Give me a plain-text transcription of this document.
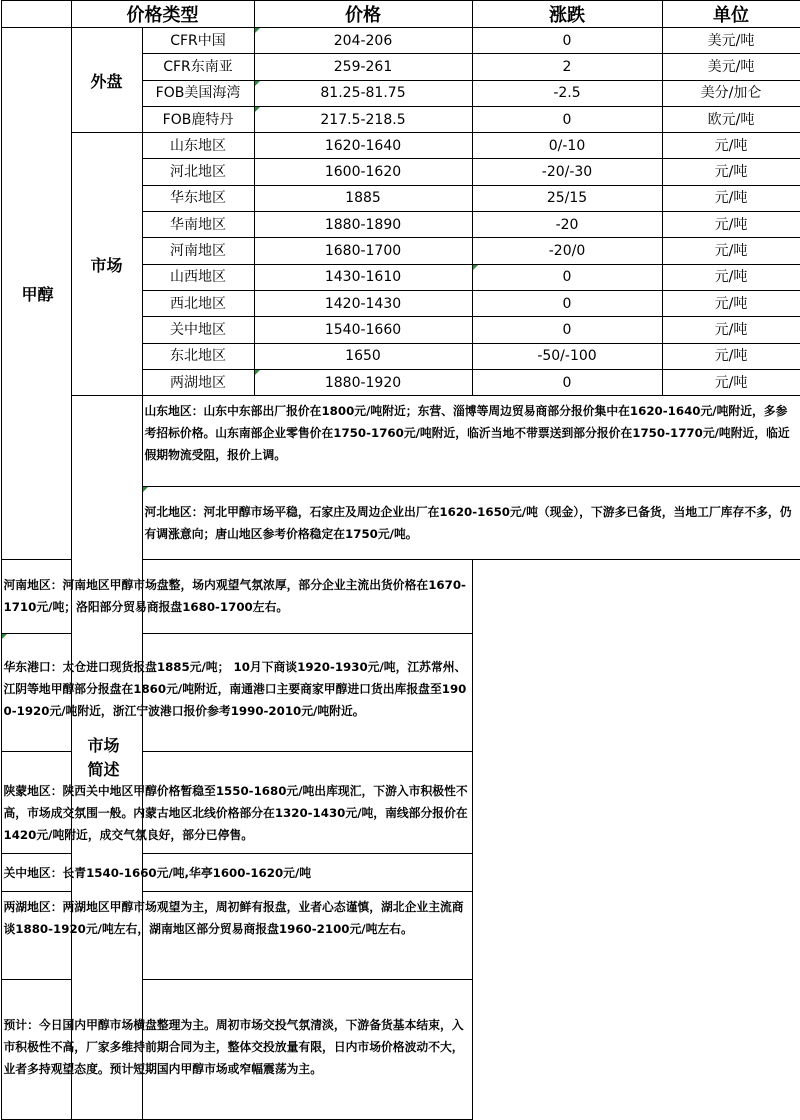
	价格类型		价格	涨跌	单位
甲醇	外盘	CFR中国	204-206	0	美元/吨
		CFR东南亚	259-261	2	美元/吨
		FOB美国海湾	81.25-81.75	-2.5	美分/加仑
		FOB鹿特丹	217.5-218.5	0	欧元/吨
	市场	山东地区	1620-1640	0/-10	元/吨
		河北地区	1600-1620	-20/-30	元/吨
		华东地区	1885	25/15	元/吨
		华南地区	1880-1890	-20	元/吨
		河南地区	1680-1700	-20/0	元/吨
		山西地区	1430-1610	0	元/吨
		西北地区	1420-1430	0	元/吨
		关中地区	1540-1660	0	元/吨
		东北地区	1650	-50/-100	元/吨
		两湖地区	1880-1920	0	元/吨
	市场
简述	山东地区：山东中东部出厂报价在1800元/吨附近；东营、淄博等周边贸易商部分报价集中在1620-1640元/吨附近，多参考招标价格。山东南部企业零售价在1750-1760元/吨附近，临沂当地不带票送到部分报价在1750-1770元/吨附近，临近假期物流受阻，报价上调。			
		河北地区：河北甲醇市场平稳，石家庄及周边企业出厂在1620-1650元/吨（现金），下游多已备货，当地工厂库存不多，仍有调涨意向；唐山地区参考价格稳定在1750元/吨。			
河南地区：河南地区甲醇市场盘整，场内观望气氛浓厚，部分企业主流出货价格在1670-1710元/吨；洛阳部分贸易商报盘1680-1700左右。					
华东港口：太仓进口现货报盘1885元/吨； 10月下商谈1920-1930元/吨，江苏常州、江阴等地甲醇部分报盘在1860元/吨附近，南通港口主要商家甲醇进口货出库报盘至1900-1920元/吨附近，浙江宁波港口报价参考1990-2010元/吨附近。					
陕蒙地区：陕西关中地区甲醇价格暂稳至1550-1680元/吨出库现汇，下游入市积极性不高，市场成交氛围一般。内蒙古地区北线价格部分在1320-1430元/吨，南线部分报价在1420元/吨附近，成交气氛良好，部分已停售。					
关中地区：长青1540-1660元/吨,华亭1600-1620元/吨					
两湖地区：两湖地区甲醇市场观望为主，周初鲜有报盘，业者心态谨慎，湖北企业主流商谈1880-1920元/吨左右，湖南地区部分贸易商报盘1960-2100元/吨左右。					
预计：今日国内甲醇市场横盘整理为主。周初市场交投气氛清淡，下游备货基本结束，入市积极性不高，厂家多维持前期合同为主，整体交投放量有限，日内市场价格波动不大，业者多持观望态度。预计短期国内甲醇市场或窄幅震荡为主。					
